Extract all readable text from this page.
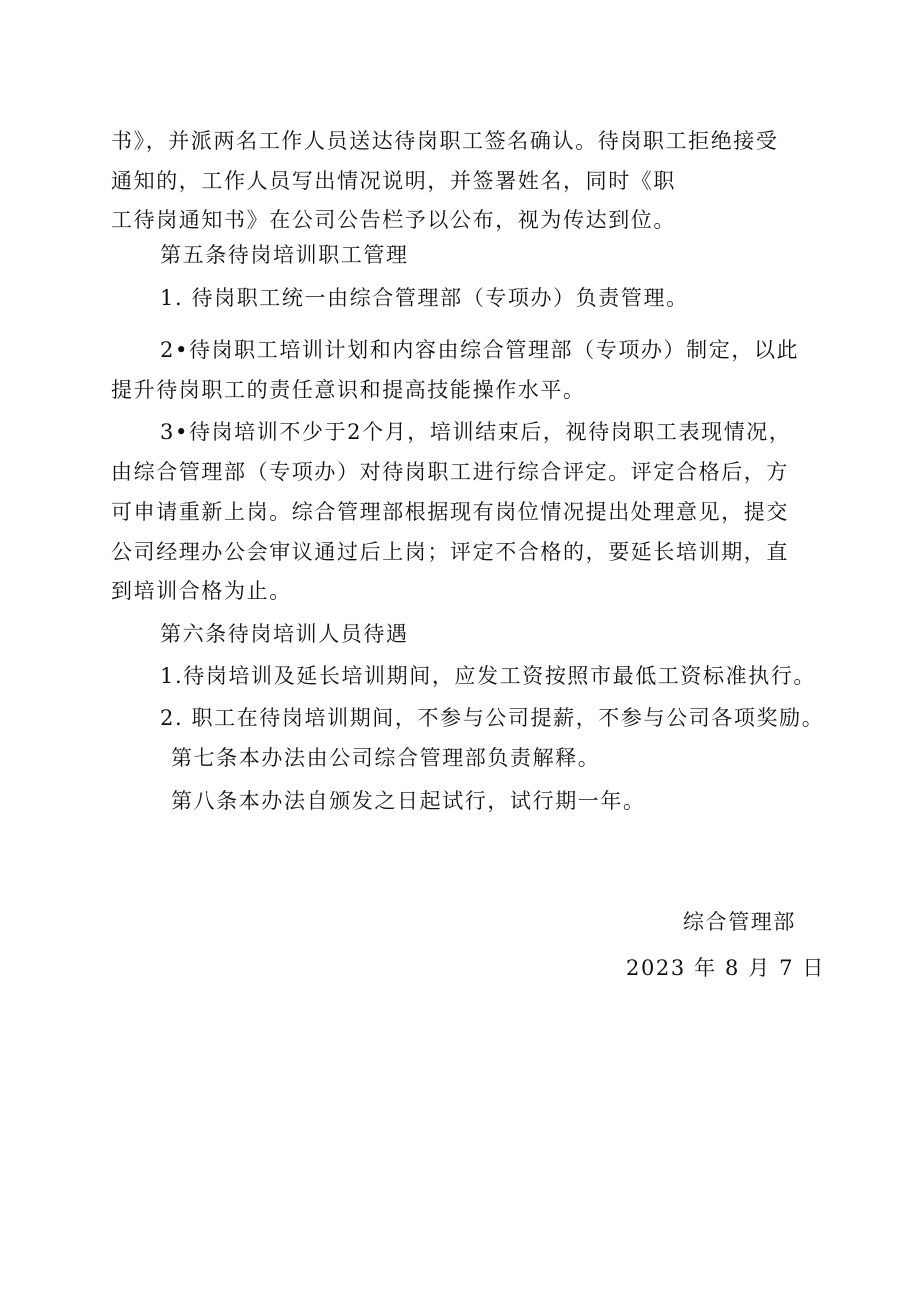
书》，并派两名工作人员送达待岗职工签名确认。待岗职工拒绝接受
通知的，工作人员写出情况说明，并签署姓名，同时《职
工待岗通知书》在公司公告栏予以公布，视为传达到位。
第五条待岗培训职工管理
1. 待岗职工统一由综合管理部（专项办）负责管理。
2•待岗职工培训计划和内容由综合管理部（专项办）制定，以此
提升待岗职工的责任意识和提高技能操作水平。
3•待岗培训不少于2个月，培训结束后，视待岗职工表现情况，
由综合管理部（专项办）对待岗职工进行综合评定。评定合格后，方
可申请重新上岗。综合管理部根据现有岗位情况提出处理意见，提交
公司经理办公会审议通过后上岗；评定不合格的，要延长培训期，直
到培训合格为止。
第六条待岗培训人员待遇
1.待岗培训及延长培训期间，应发工资按照市最低工资标准执行。
2. 职工在待岗培训期间，不参与公司提薪，不参与公司各项奖励。
第七条本办法由公司综合管理部负责解释。
第八条本办法自颁发之日起试行，试行期一年。
综合管理部
2023 年 8 月 7 日
